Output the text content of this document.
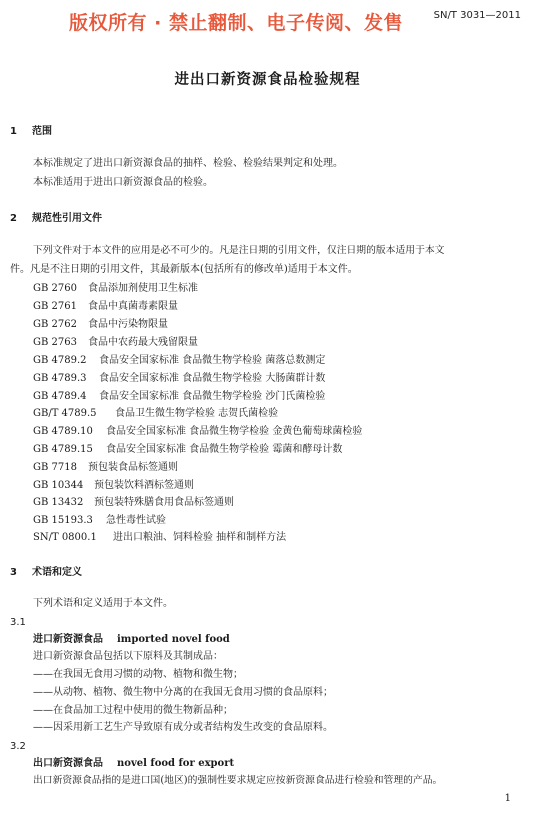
版权所有 · 禁止翻制、电子传阅、发售	SN/T 3031—2011
进出口新资源食品检验规程
1 范围
本标准规定了进出口新资源食品的抽样、检验、检验结果判定和处理。
本标准适用于进出口新资源食品的检验。
2 规范性引用文件
下列文件对于本文件的应用是必不可少的。凡是注日期的引用文件，仅注日期的版本适用于本文
件。凡是不注日期的引用文件，其最新版本(包括所有的修改单)适用于本文件。
GB 2760 食品添加剂使用卫生标准
GB 2761 食品中真菌毒素限量
GB 2762 食品中污染物限量
GB 2763 食品中农药最大残留限量
GB 4789.2 食品安全国家标准 食品微生物学检验 菌落总数测定
GB 4789.3 食品安全国家标准 食品微生物学检验 大肠菌群计数
GB 4789.4 食品安全国家标准 食品微生物学检验 沙门氏菌检验
GB/T 4789.5 食品卫生微生物学检验 志贺氏菌检验
GB 4789.10 食品安全国家标准 食品微生物学检验 金黄色葡萄球菌检验
GB 4789.15 食品安全国家标准 食品微生物学检验 霉菌和酵母计数
GB 7718 预包装食品标签通则
GB 10344 预包装饮料酒标签通则
GB 13432 预包装特殊膳食用食品标签通则
GB 15193.3 急性毒性试验
SN/T 0800.1 进出口粮油、饲料检验 抽样和制样方法
3 术语和定义
下列术语和定义适用于本文件。
3.1
进口新资源食品 imported novel food
进口新资源食品包括以下原料及其制成品：
——在我国无食用习惯的动物、植物和微生物；
——从动物、植物、微生物中分离的在我国无食用习惯的食品原料；
——在食品加工过程中使用的微生物新品种；
——因采用新工艺生产导致原有成分或者结构发生改变的食品原料。
3.2
出口新资源食品 novel food for export
出口新资源食品指的是进口国(地区)的强制性要求规定应按新资源食品进行检验和管理的产品。
1
